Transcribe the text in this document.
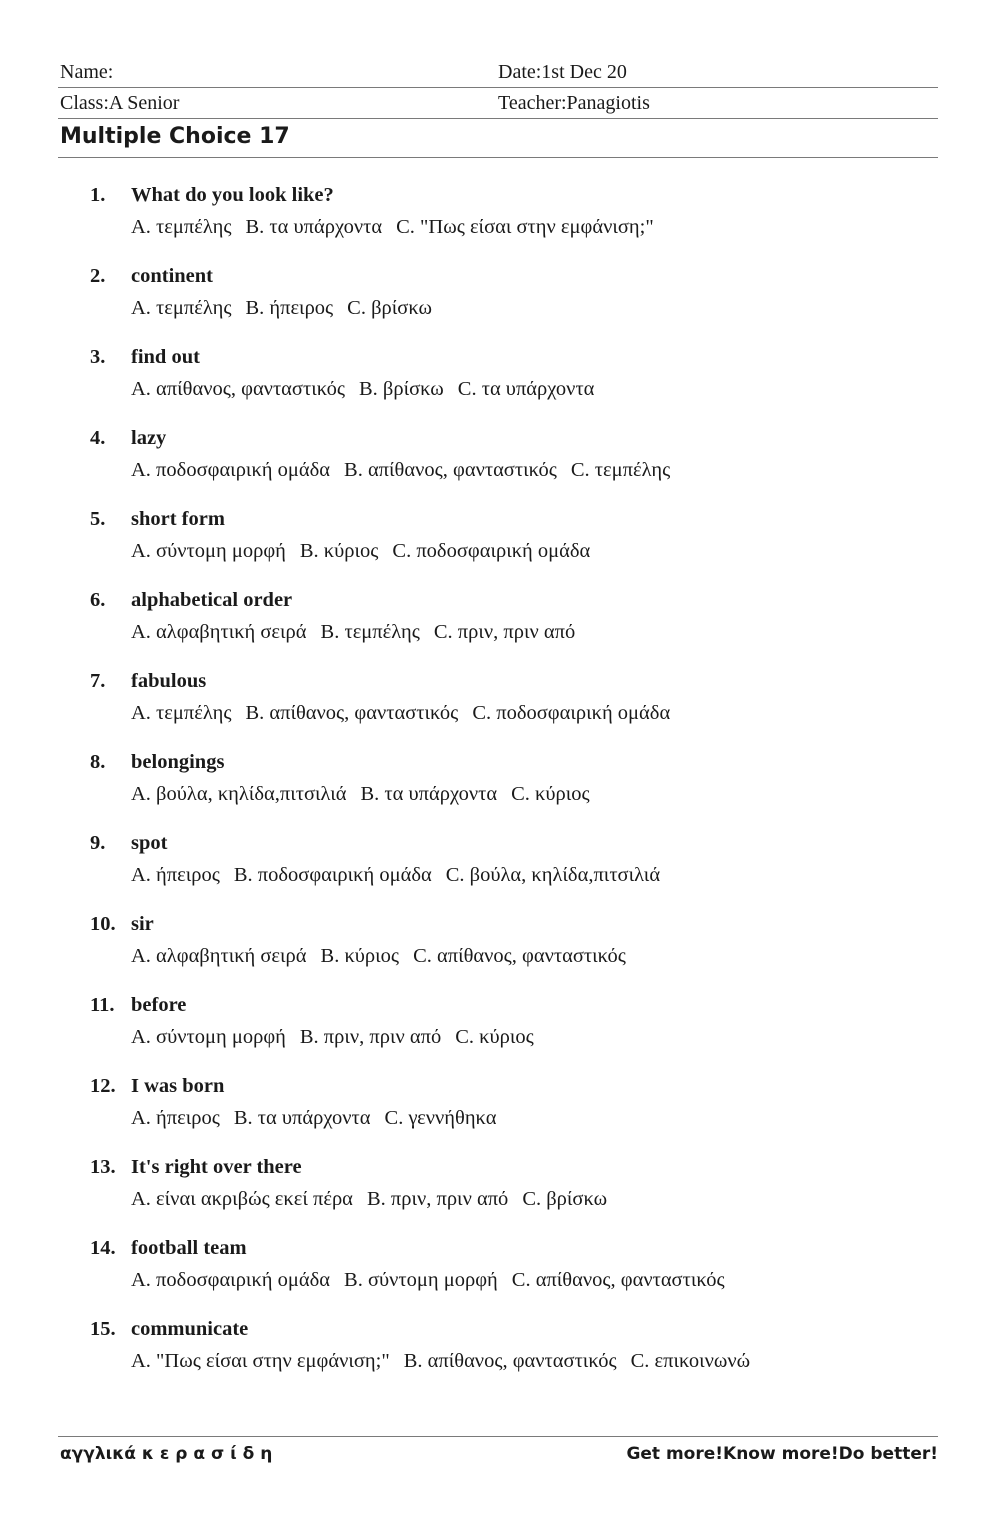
Name:	Date:1st Dec 20
Class:A Senior	Teacher:Panagiotis
Multiple Choice 17
1. What do you look like?
A. τεμπέλης B. τα υπάρχοντα C. "Πως είσαι στην εμφάνιση;"
2. continent
A. τεμπέλης B. ήπειρος C. βρίσκω
3. find out
A. απίθανος, φανταστικός B. βρίσκω C. τα υπάρχοντα
4. lazy
A. ποδοσφαιρική ομάδα B. απίθανος, φανταστικός C. τεμπέλης
5. short form
A. σύντομη μορφή B. κύριος C. ποδοσφαιρική ομάδα
6. alphabetical order
A. αλφαβητική σειρά B. τεμπέλης C. πριν, πριν από
7. fabulous
A. τεμπέλης B. απίθανος, φανταστικός C. ποδοσφαιρική ομάδα
8. belongings
A. βούλα, κηλίδα,πιτσιλιά B. τα υπάρχοντα C. κύριος
9. spot
A. ήπειρος B. ποδοσφαιρική ομάδα C. βούλα, κηλίδα,πιτσιλιά
10. sir
A. αλφαβητική σειρά B. κύριος C. απίθανος, φανταστικός
11. before
A. σύντομη μορφή B. πριν, πριν από C. κύριος
12. I was born
A. ήπειρος B. τα υπάρχοντα C. γεννήθηκα
13. It's right over there
A. είναι ακριβώς εκεί πέρα B. πριν, πριν από C. βρίσκω
14. football team
A. ποδοσφαιρική ομάδα B. σύντομη μορφή C. απίθανος, φανταστικός
15. communicate
A. "Πως είσαι στην εμφάνιση;" B. απίθανος, φανταστικός C. επικοινωνώ
αγγλικά κ ε ρ α σ ί δ η	Get more!Know more!Do better!
